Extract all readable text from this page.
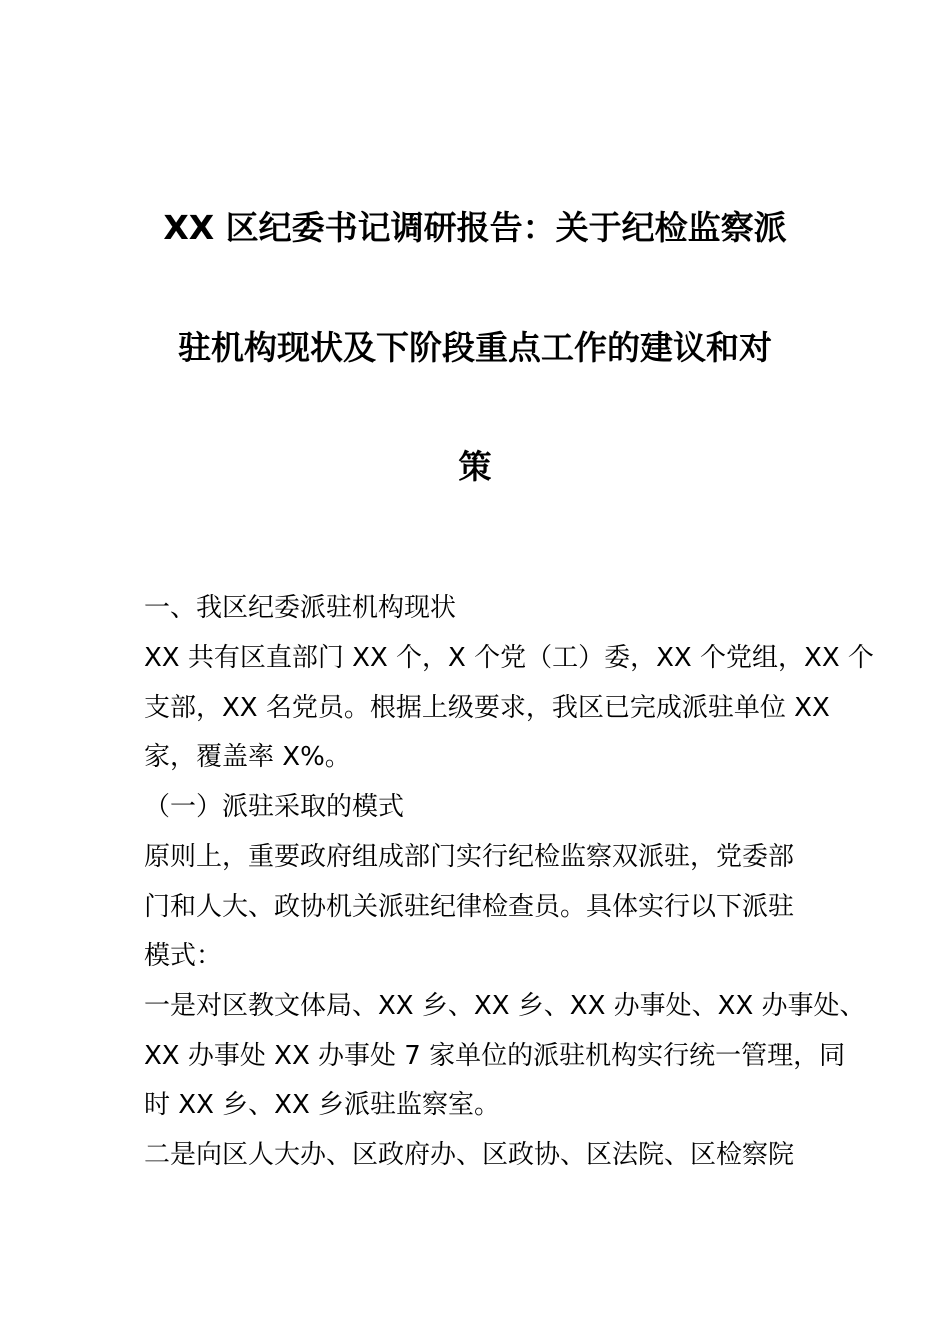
XX 区纪委书记调研报告：关于纪检监察派
驻机构现状及下阶段重点工作的建议和对
策
一、我区纪委派驻机构现状
XX 共有区直部门 XX 个，X 个党（工）委，XX 个党组，XX 个
支部，XX 名党员。根据上级要求，我区已完成派驻单位 XX
家，覆盖率 X%。
（一）派驻采取的模式
原则上，重要政府组成部门实行纪检监察双派驻，党委部
门和人大、政协机关派驻纪律检查员。具体实行以下派驻
模式：
一是对区教文体局、XX 乡、XX 乡、XX 办事处、XX 办事处、
XX 办事处 XX 办事处 7 家单位的派驻机构实行统一管理，同
时 XX 乡、XX 乡派驻监察室。
二是向区人大办、区政府办、区政协、区法院、区检察院
